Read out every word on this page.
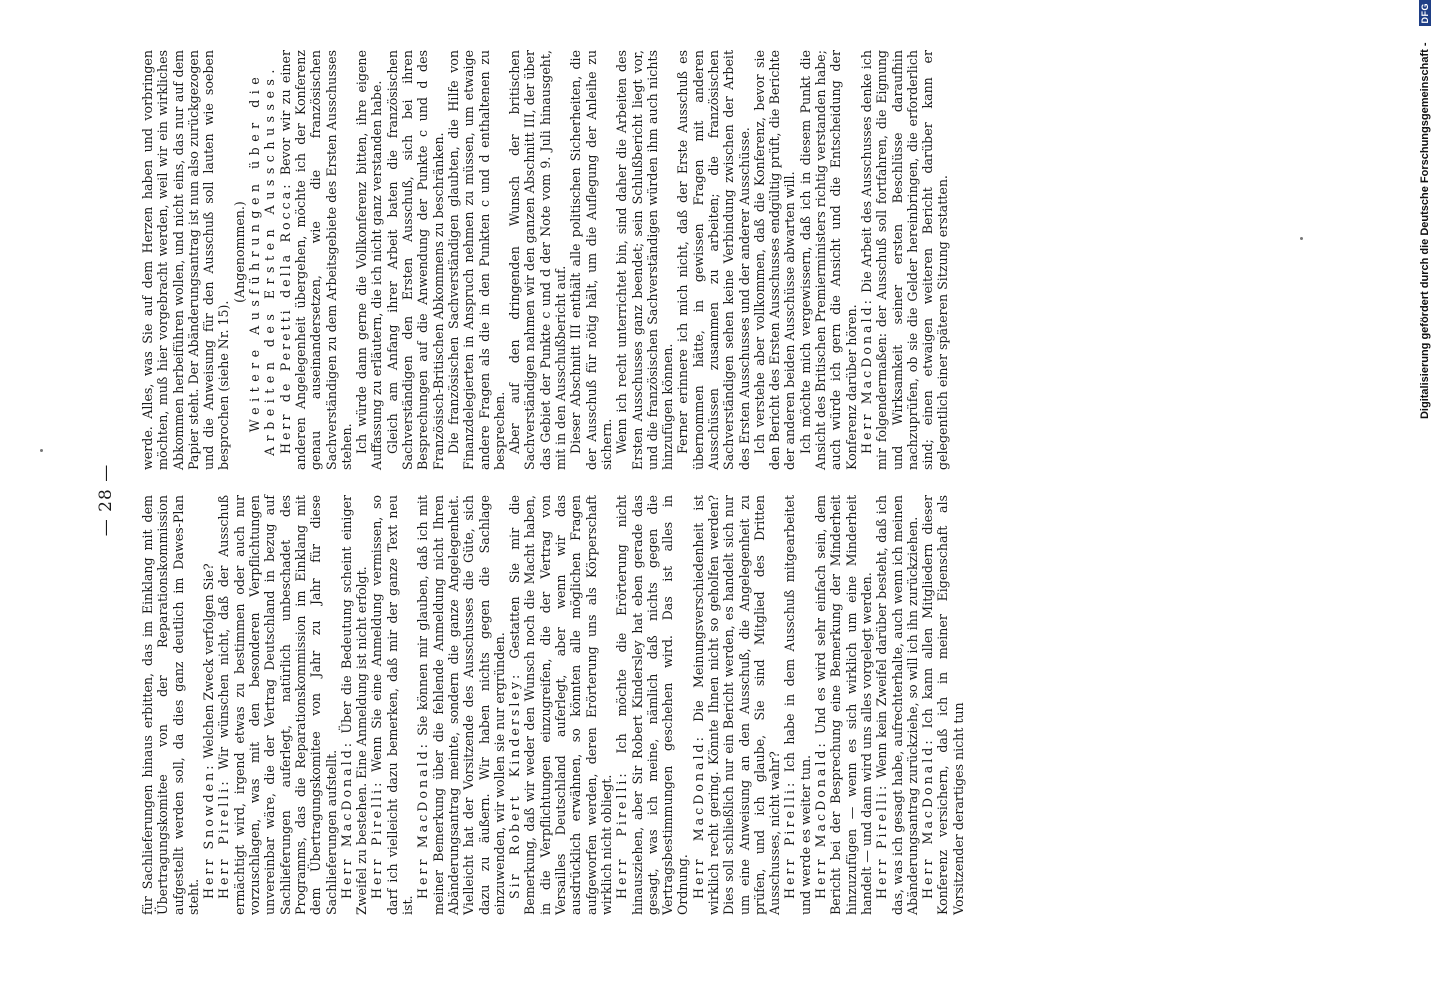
— 28 — für Sachlieferungen hinaus erbitten, das im Einklang mit dem Übertragungskomitee von der Reparationskommission aufgestellt werden soll, da dies ganz deutlich im Dawes-Plan steht. Herr Snowden: Welchen Zweck verfolgen Sie?

Herr Pirelli: Wir wünschen nicht, daß der Ausschuß ermächtigt wird, irgend etwas zu bestimmen oder auch nur vorzuschlagen, was mit den besonderen Verpflichtungen unvereinbar wäre, die der Vertrag Deutschland in bezug auf Sachlieferungen auferlegt, natürlich unbeschadet des Programms, das die Reparationskommission im Einklang mit dem Übertragungskomitee von Jahr zu Jahr für diese Sachlieferungen aufstellt. Herr MacDonald: Über die Bedeutung scheint einiger Zweifel zu bestehen. Eine Anmeldung ist nicht erfolgt. Herr Pirelli: Wenn Sie eine Anmeldung vermissen, so darf ich vielleicht dazu bemerken, daß mir der ganze Text neu ist.

Herr MacDonald: Sie können mir glauben, daß ich mit meiner Bemerkung über die fehlende Anmeldung nicht Ihren Abänderungsantrag meinte, sondern die ganze Angelegenheit. Vielleicht hat der Vorsitzende des Ausschusses die Güte, sich dazu zu äußern. Wir haben nichts gegen die Sachlage einzuwenden, wir wollen sie nur ergründen. Sir Robert Kindersley: Gestatten Sie mir die Bemerkung, daß wir weder den Wunsch noch die Macht haben, in die Verpflichtungen einzugreifen, die der Vertrag von Versailles Deutschland auferlegt, aber wenn wir das ausdrücklich erwähnen, so könnten alle möglichen Fragen aufgeworfen werden, deren Erörterung uns als Körperschaft wirklich nicht obliegt. Herr Pirelli: Ich möchte die Erörterung nicht hinausziehen, aber Sir Robert Kindersley hat eben gerade das gesagt, was ich meine, nämlich daß nichts gegen die Vertragsbestimmungen geschehen wird. Das ist alles in Ordnung. Herr MacDonald: Die Meinungsverschiedenheit ist wirklich recht gering. Könnte Ihnen nicht so geholfen werden? Dies soll schließlich nur ein Bericht werden, es handelt sich nur um eine Anweisung an den Ausschuß, die Angelegenheit zu prüfen, und ich glaube, Sie sind Mitglied des Dritten Ausschusses, nicht wahr? Herr Pirelli: Ich habe in dem Ausschuß mitgearbeitet und werde es weiter tun. Herr MacDonald: Und es wird sehr einfach sein, dem Bericht bei der Besprechung eine Bemerkung der Minderheit hinzuzufügen — wenn es sich wirklich um eine Minderheit handelt — und dann wird uns alles vorgelegt werden. Herr Pirelli: Wenn kein Zweifel darüber besteht, daß ich das, was ich gesagt habe, aufrechterhalte, auch wenn ich meinen Abänderungsantrag zurückziehe, so will ich ihn zurückziehen. Herr MacDonald: Ich kann allen Mitgliedern dieser Konferenz versichern, daß ich in meiner Eigenschaft als Vorsitzender derartiges nicht tun

werde. Alles, was Sie auf dem Herzen haben und vorbringen möchten, muß hier vorgebracht werden, weil wir ein wirkliches Abkommen herbeiführen wollen, und nicht eins, das nur auf dem Papier steht. Der Abänderungsantrag ist nun also zurückgezogen und die Anweisung für den Ausschuß soll lauten wie soeben besprochen (siehe Nr. 15).

(Angenommen.) Weitere Ausführungen über die Arbeiten des Ersten Ausschusses. Herr de Peretti della Rocca: Bevor wir zu einer anderen Angelegenheit übergehen, möchte ich der Konferenz genau auseinandersetzen, wie die französischen Sachverständigen zu dem Arbeitsgebiete des Ersten Ausschusses stehen. Ich würde dann gerne die Vollkonferenz bitten, ihre eigene Auffassung zu erläutern, die ich nicht ganz verstanden habe. Gleich am Anfang ihrer Arbeit baten die französischen Sachverständigen den Ersten Ausschuß, sich bei ihren Besprechungen auf die Anwendung der Punkte c und d des Französisch-Britischen Abkommens zu beschränken. Die französischen Sachverständigen glaubten, die Hilfe von Finanzdelegierten in Anspruch nehmen zu müssen, um etwaige andere Fragen als die in den Punkten c und d enthaltenen zu besprechen. Aber auf den dringenden Wunsch der britischen Sachverständigen nahmen wir den ganzen Abschnitt III, der über das Gebiet der Punkte c und d der Note vom 9. Juli hinausgeht, mit in den Ausschußbericht auf. Dieser Abschnitt III enthält alle politischen Sicherheiten, die der Ausschuß für nötig hält, um die Auflegung der Anleihe zu sichern. Wenn ich recht unterrichtet bin, sind daher die Arbeiten des Ersten Ausschusses ganz beendet; sein Schlußbericht liegt vor, und die französischen Sachverständigen würden ihm auch nichts hinzufügen können. Ferner erinnere ich mich nicht, daß der Erste Ausschuß es übernommen hätte, in gewissen Fragen mit anderen Ausschüssen zusammen zu arbeiten; die französischen Sachverständigen sehen keine Verbindung zwischen der Arbeit des Ersten Ausschusses und der anderer Ausschüsse. Ich verstehe aber vollkommen, daß die Konferenz, bevor sie den Bericht des Ersten Ausschusses endgültig prüft, die Berichte der anderen beiden Ausschüsse abwarten will. Ich möchte mich vergewissern, daß ich in diesem Punkt die Ansicht des Britischen Premierministers richtig verstanden habe; auch würde ich gern die Ansicht und die Entscheidung der Konferenz darüber hören. Herr MacDonald: Die Arbeit des Ausschusses denke ich mir folgendermaßen: der Ausschuß soll fortfahren, die Eignung und Wirksamkeit seiner ersten Beschlüsse daraufhin nachzuprüfen, ob sie die Gelder hereinbringen, die erforderlich sind; einen etwaigen weiteren Bericht darüber kann er gelegentlich einer späteren Sitzung erstatten.	Digitalisierung gefördert durch die Deutsche Forschungsgemeinschaft -
DFG
